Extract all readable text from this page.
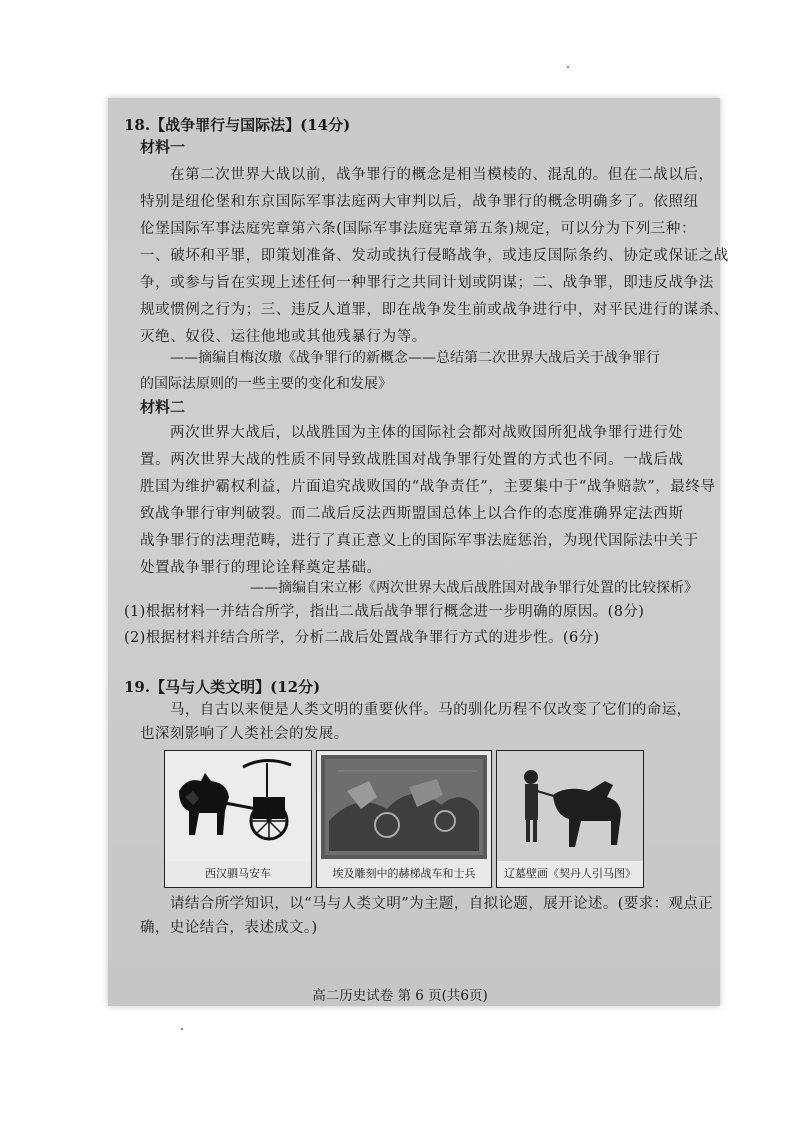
18.【战争罪行与国际法】(14分)
材料一
在第二次世界大战以前，战争罪行的概念是相当模棱的、混乱的。但在二战以后，
特别是纽伦堡和东京国际军事法庭两大审判以后，战争罪行的概念明确多了。依照纽
伦堡国际军事法庭宪章第六条(国际军事法庭宪章第五条)规定，可以分为下列三种：
一、破坏和平罪，即策划准备、发动或执行侵略战争，或违反国际条约、协定或保证之战
争，或参与旨在实现上述任何一种罪行之共同计划或阴谋；二、战争罪，即违反战争法
规或惯例之行为；三、违反人道罪，即在战争发生前或战争进行中，对平民进行的谋杀、
灭绝、奴役、运往他地或其他残暴行为等。
——摘编自梅汝璈《战争罪行的新概念——总结第二次世界大战后关于战争罪行
的国际法原则的一些主要的变化和发展》
材料二
两次世界大战后，以战胜国为主体的国际社会都对战败国所犯战争罪行进行处
置。两次世界大战的性质不同导致战胜国对战争罪行处置的方式也不同。一战后战
胜国为维护霸权利益，片面追究战败国的“战争责任”，主要集中于“战争赔款”，最终导
致战争罪行审判破裂。而二战后反法西斯盟国总体上以合作的态度准确界定法西斯
战争罪行的法理范畴，进行了真正意义上的国际军事法庭惩治，为现代国际法中关于
处置战争罪行的理论诠释奠定基础。
——摘编自宋立彬《两次世界大战后战胜国对战争罪行处置的比较探析》
(1)根据材料一并结合所学，指出二战后战争罪行概念进一步明确的原因。(8分)
(2)根据材料并结合所学，分析二战后处置战争罪行方式的进步性。(6分)
19.【马与人类文明】(12分)
马，自古以来便是人类文明的重要伙伴。马的驯化历程不仅改变了它们的命运，
也深刻影响了人类社会的发展。
西汉驷马安车	埃及雕刻中的赫梯战车和士兵	辽墓壁画《契丹人引马图》
请结合所学知识，以“马与人类文明”为主题，自拟论题，展开论述。(要求：观点正
确，史论结合，表述成文。)
高二历史试卷 第 6 页(共6页)
